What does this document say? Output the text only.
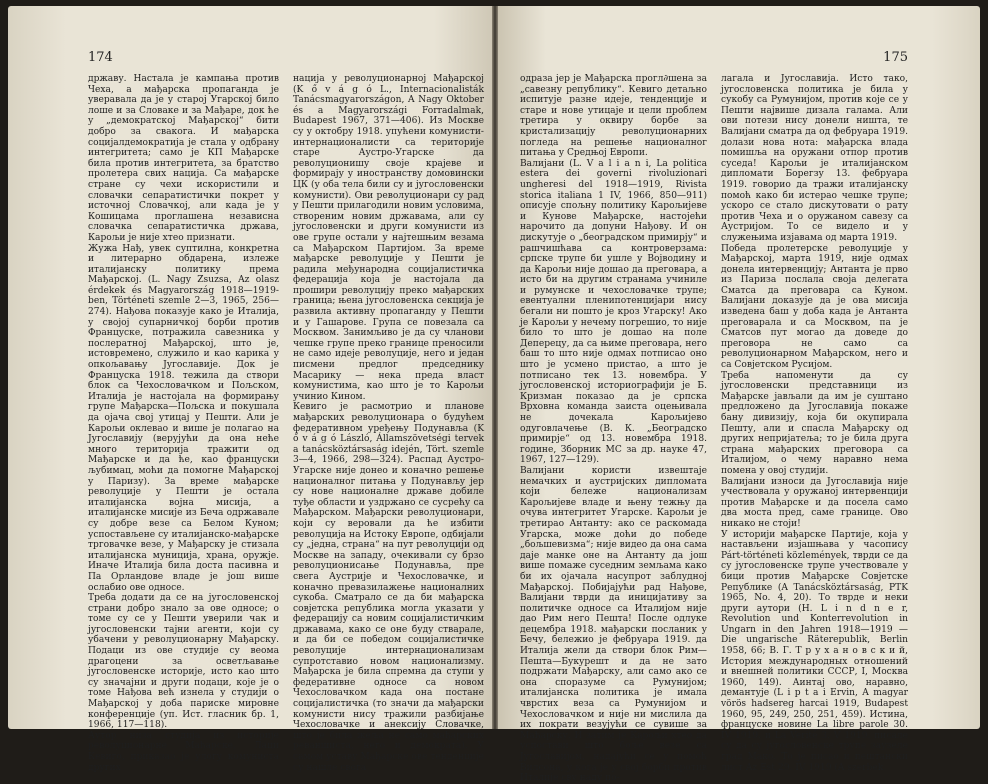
174
државу. Настала је кампања против Чеха, а мађарска пропаганда је уверавала да је у старој Угарској било лоше и за Словаке и за Мађаре, док ће у „демократској Мађарској“ бити добро за свакога. И мађарска социјалдемократија је стала у одбрану интегритета; само је КП Мађарске била против интегритета, за братство пролетера свих нација. Са мађарске стране су чехи искористили и словачки сепаратистички покрет у источној Словачкој, али када је у Кошицама проглашена независна словачка сепаратистичка држава, Карољи је није хтео признати.
Жужа Нађ, увек суптилна, конкретна и литерарно обдарена, излеже италијанску политику према Мађарској. (L. Nagy Zsuzsa, Az olasz érdekek és Magyarország 1918—1919-ben, Történeti szemle 2—3, 1965, 256—274). Нађова показује како је Италија, у својој супарничкој борби против Француске, потражила савезника у послератној Мађарској, што је, истовремено, служило и као карика у опкољавању Југославије. Док је Француска 1918. тежила да створи блок са Чехословачком и Пољском, Италија је настојала на формирању групе Мађарска—Пољска и покушала да ојача свој утицај у Пешти. Али је Карољи оклевао и више је полагао на Југославију (верујући да она неће много територија тражити од Мађарске и да ће, као француски љубимац, моћи да помогне Мађарској у Паризу). За време мађарске револуције у Пешти је остала италијанска војна мисија, а италијанске мисије из Беча одржавале су добре везе са Белом Куном; успостављене су италијанско-мађарске трговачке везе, у Мађарску је стизала италијанска муниција, храна, оружје. Иначе Италија била доста пасивна и Па Орландове владе је још више ослабио ове односе.
Треба додати да се на југословенској страни добро знало за ове односе; о томе су се у Пешти уверили чак и југословенски тајни агенти, који су убачени у револуционарну Мађарску. Подаци из ове студије су веома драгоцени за осветљавање југословенске историје, исто као што су значајни и други подаци, које је о томе Нађова већ изнела у студији о Мађарској у доба париске мировне конференције (уп. Ист. гласник бр. 1, 1966, 117—118).
Аутор низа студија из историје револуционарне Мађарске, Лаци Кевиго, приказао је улогу комуниста других
нација у револуционарној Мађарској (K ő v á g ó L., Internacionalisták Tanácsmagyarországon, A Nagy Oktober és a Magyarországi Forradalmak, Budapest 1967, 371—406). Из Москве су у октобру 1918. упућени комунисти-интернационалисти са територије старе Аустро-Угарске да револуционишу своје крајеве и формирају у иностранству домовински ЦК (у оба тела били су и југословенски комунисти). Ови револуционари су рад у Пешти прилагодили новим условима, створеним новим државама, али су југословенски и други комунисти из ове групе остали у најтешњим везама са Мађарском Партијом. За време мађарске револуције у Пешти је радила међународна социјалистичка федерација која је настојала да прошири револуцију преко мађарских граница; њена југословенска секција је развила активну пропаганду у Пешти и у Гашарове. Група се повезала са Москвом. Занимљиво је да су чланови чешке групе преко границе преносили не само идеје револуције, него и један писмени предлог председнику Масарику — нека преда власт комунистима, као што је то Карољи учинио Кином.
Кевиго је расмотрио и планове мађарских револуционара о будућем федеративном уређењу Подунавља (K ő v á g ó László, Államszövetségi tervek a tanácsköztársaság idején, Tört. szemle 3—4, 1966, 298—324). Распад Аустро-Угарске није донео и коначно решење националног питања у Подунављу јер су нове националне државе добиле туђе области и уздржано се сусрећу са Мађарском. Мађарски револуционари, који су веровали да ће избити револуција на Истоку Европе, одбијали су „једна, страна“ на пут револуцији од Москве на западу, очекивали су брзо револуционисање Подунавља, пре свега Аустрије и Чехословачке, и коначно превазилажење националних сукоба. Сматрало се да би мађарска совјетска република могла указати у федерацију са новим социјалистичким државама, како се оне буду стварале, и да би се победом социјалистичке револуције интернационализам супротставио новом национализму. Мађарска је била спремна да ступи у федеративне односе са новом Чехословачком када она постане социјалистичка (то значи да мађарски комунисти нису тражили разбијање Чехословачке и анексију Словачке, што је била жеља не само мађарских реваншиста, него и демократа). У самом уставу Мађарске ове тенденције су нашле свога
175
одраза јер је Мађарска прогл∂шена за „савезну републику“. Кевиго детаљно испитује разне идеје, тенденције и старе и нове утицаје и цели проблем третира у оквиру борбе за кристализацију револуционарних погледа на решење националног питања у Средњој Европи.
Валијани (L. V a l i a n i, La politica estera dei governi rivoluzionari ungheresi del 1918—1919, Rivista storica italiana 1 IV, 1966, 850—911) описује спољну политику Карољијеве и Кунове Мађарске, настојећи нарочито да допуни Нађову. И он дискутује о „београдском примирју“ и рашчишћава са контроверзама: српске трупе би ушле у Војводину и да Карољи није дошао да преговара, а исто би на другим странама учиниле и румунске и чехословачке трупе; евентуални пленипотенцијари нису бегали ни пошто је кроз Угарску! Ако је Карољи у нечему погрешио, то није било то што је дошао на поле Деперецу, да са њиме преговара, него баш то што није одмах потписао оно што је усмено пристао, а што је потписано тек 13. новембра. У југословенској историографији је Б. Кризман показао да је српска Врховна команда заиста оцењивала не дочекала Карољијево одуговлачење (В. К. „Београдско примирје“ од 13. новембра 1918. године, Зборник МС за др. науке 47, 1967, 127—129).
Валијани користи извештаје немачких и аустријских дипломата који бележе национализам Карољијеве владе и њену тежњу да очува интегритет Угарске. Карољи је третирао Антанту: ако се раскомада Угарска, може доћи до победе „бољшевизма“; није видео да она сама даје манке оне на Антанту да још више помаже суседним земљама како би их ојачала насупрот заблудној Мађарској. Побијајући рад Нађове, Валијани тврди да иницијативу за политичке односе са Италијом није дао Рим него Пешта! После одлуке децембра 1918. мађарски посланик у Бечу, бележио је фебруара 1919. да Италија жели да створи блок Рим—Пешта—Букурешт и да не зато подржати Мађарску, али само ако се она споразуме са Румунијом; италијанска политика је имала чврстих веза са Румунијом и Чехословачком и није ни мислила да их пократи везујући се сувише за Мађарску. И затим је Карољи хтео да успостави што боље везе са Југославијом, надајући се у помоћ Вилсона, у кога је у свој борби против Италије сву наду по-
лагала и Југославија. Исто тако, југословенска политика је била у сукобу са Румунијом, против које се у Пешти највише дизала галама. Али ови потези нису донели ништа, те Валијани сматра да од фебруара 1919. долази нова нота: мађарска влада помишља на оружани отпор против суседа! Карољи је италијанском дипломати Борегзу 13. фебруара 1919. говорио да тражи италијанску помоћ како би истерао чешке трупе; ускоро се стало дискутовати о рату против Чеха и о оружаном савезу са Аустријом. То се видело и у служењима изјавама од марта 1919.
Победа пролетерске револуције у Мађарској, марта 1919, није одмах донела интервенцију; Антанта је прво из Париза послала своја делегата Сматса да преговара са Куном. Валијани доказује да је ова мисија изведена баш у доба када је Антанта преговарала и са Москвом, па је Сматсов пут могао да доведе до преговора не само са револуционарном Мађарском, него и са Совјетском Русијом.
Треба напоменути да су југословенски представници из Мађарске јављали да им је суштано предложено да Југославија покаже бану дивизију, која би окупирала Пешту, али и спасла Мађарску од других непријатеља; то је била друга страна мађарских преговора са Италијом, о чему наравно нема помена у овој студији.
Валијани износи да Југославија није учествовала у оружаној интервенцији против Мађарске и да посела само два моста пред, саме границе. Ово никако не стоји!
У историји мађарске Партије, која у настављени изјашњава у часопису Párt-történeti közlemények, тврди се да су југословенске трупе учествовале у бици против Мађарске Совјетске Републике (A Tanácsköztársaság, PTK 1965, No. 4, 20). То тврде и неки други аутори (H. L i n d n e r, Revolution und Konterrevolution in Ungarn in den Jahren 1918—1919 — Die ungarische Räterepublik, Berlin 1958, 66; В. Г. Т р у х а н о в с к и й, История международных отношений и внешней политики СССР, I, Москва 1960, 149). Аинтај ово, наравно, демантује (L i p t a i Ervin, A magyar vörös hadsereg harcai 1919, Budapest 1960, 95, 249, 250, 251, 459). Истина, француске новине La libre parole 30. IV 1919. и La Verité 3. V 1919. писале су да су југословенске трупе заузеле град Мако. То је писао и пештански лист Az Est 29. IV 1919 (A szerbek
